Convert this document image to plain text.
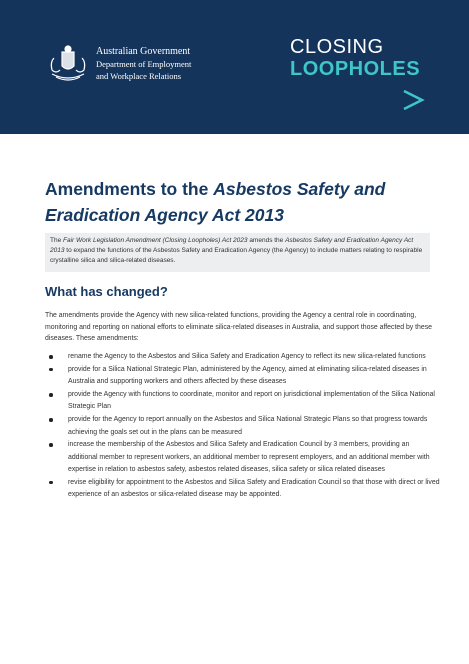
Australian Government
Department of Employment
and Workplace Relations
CLOSING
LOOPHOLES
Amendments to the Asbestos Safety and Eradication Agency Act 2013
The Fair Work Legislation Amendment (Closing Loopholes) Act 2023 amends the Asbestos Safety and Eradication Agency Act 2013 to expand the functions of the Asbestos Safety and Eradication Agency (the Agency) to include matters relating to respirable crystalline silica and silica-related diseases.
What has changed?

The amendments provide the Agency with new silica-related functions, providing the Agency a central role in coordinating, monitoring and reporting on national efforts to eliminate silica-related diseases in Australia, and support those affected by these diseases. These amendments:

rename the Agency to the Asbestos and Silica Safety and Eradication Agency to reflect its new silica-related functions
provide for a Silica National Strategic Plan, administered by the Agency, aimed at eliminating silica-related diseases in Australia and supporting workers and others affected by these diseases
provide the Agency with functions to coordinate, monitor and report on jurisdictional implementation of the Silica National Strategic Plan
provide for the Agency to report annually on the Asbestos and Silica National Strategic Plans so that progress towards achieving the goals set out in the plans can be measured
increase the membership of the Asbestos and Silica Safety and Eradication Council by 3 members, providing an additional member to represent workers, an additional member to represent employers, and an additional member with expertise in relation to asbestos safety, asbestos related diseases, silica safety or silica related diseases
revise eligibility for appointment to the Asbestos and Silica Safety and Eradication Council so that those with direct or lived experience of an asbestos or silica-related disease may be appointed.
